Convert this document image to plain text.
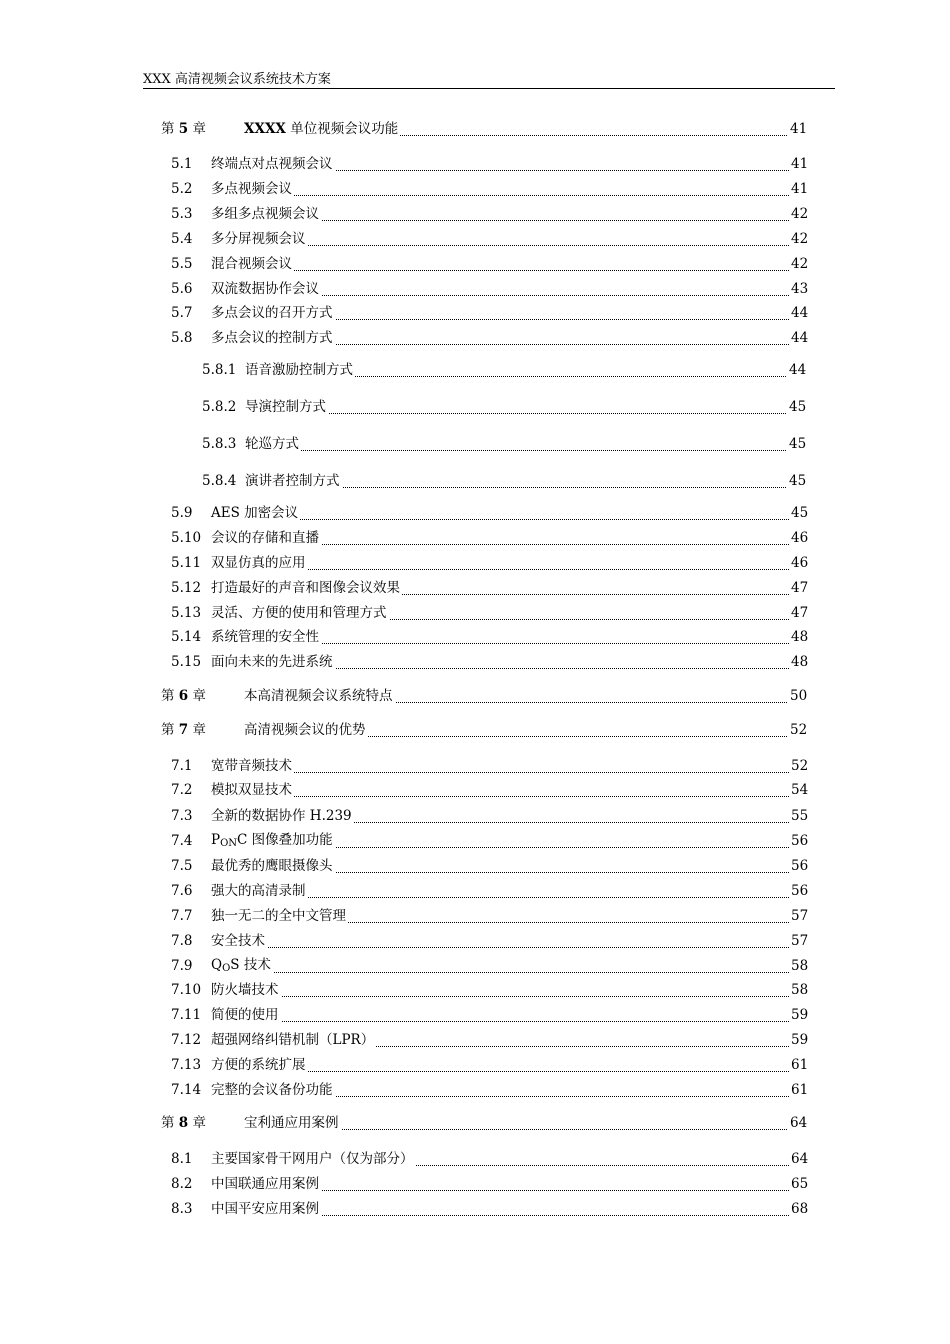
XXX 高清视频会议系统技术方案
第 5 章	XXXX 单位视频会议功能	41
5.1 终端点对点视频会议	41
5.2 多点视频会议	41
5.3 多组多点视频会议	42
5.4 多分屏视频会议	42
5.5 混合视频会议	42
5.6 双流数据协作会议	43
5.7 多点会议的召开方式	44
5.8 多点会议的控制方式	44
5.8.1 语音激励控制方式	44
5.8.2 导演控制方式	45
5.8.3 轮巡方式	45
5.8.4 演讲者控制方式	45
5.9 AES 加密会议	45
5.10 会议的存储和直播	46
5.11 双显仿真的应用	46
5.12 打造最好的声音和图像会议效果	47
5.13 灵活、方便的使用和管理方式	47
5.14 系统管理的安全性	48
5.15 面向未来的先进系统	48
第 6 章	本高清视频会议系统特点	50
第 7 章	高清视频会议的优势	52
7.1 宽带音频技术	52
7.2 模拟双显技术	54
7.3 全新的数据协作 H.239	55
7.4 $P_{ON}C$ 图像叠加功能	56
7.5 最优秀的鹰眼摄像头	56
7.6 强大的高清录制	56
7.7 独一无二的全中文管理	57
7.8 安全技术	57
7.9 $Q_OS$ 技术	58
7.10 防火墙技术	58
7.11 简便的使用	59
7.12 超强网络纠错机制（LPR）	59
7.13 方便的系统扩展	61
7.14 完整的会议备份功能	61
第 8 章	宝利通应用案例	64
8.1 主要国家骨干网用户（仅为部分）	64
8.2 中国联通应用案例	65
8.3 中国平安应用案例	68
